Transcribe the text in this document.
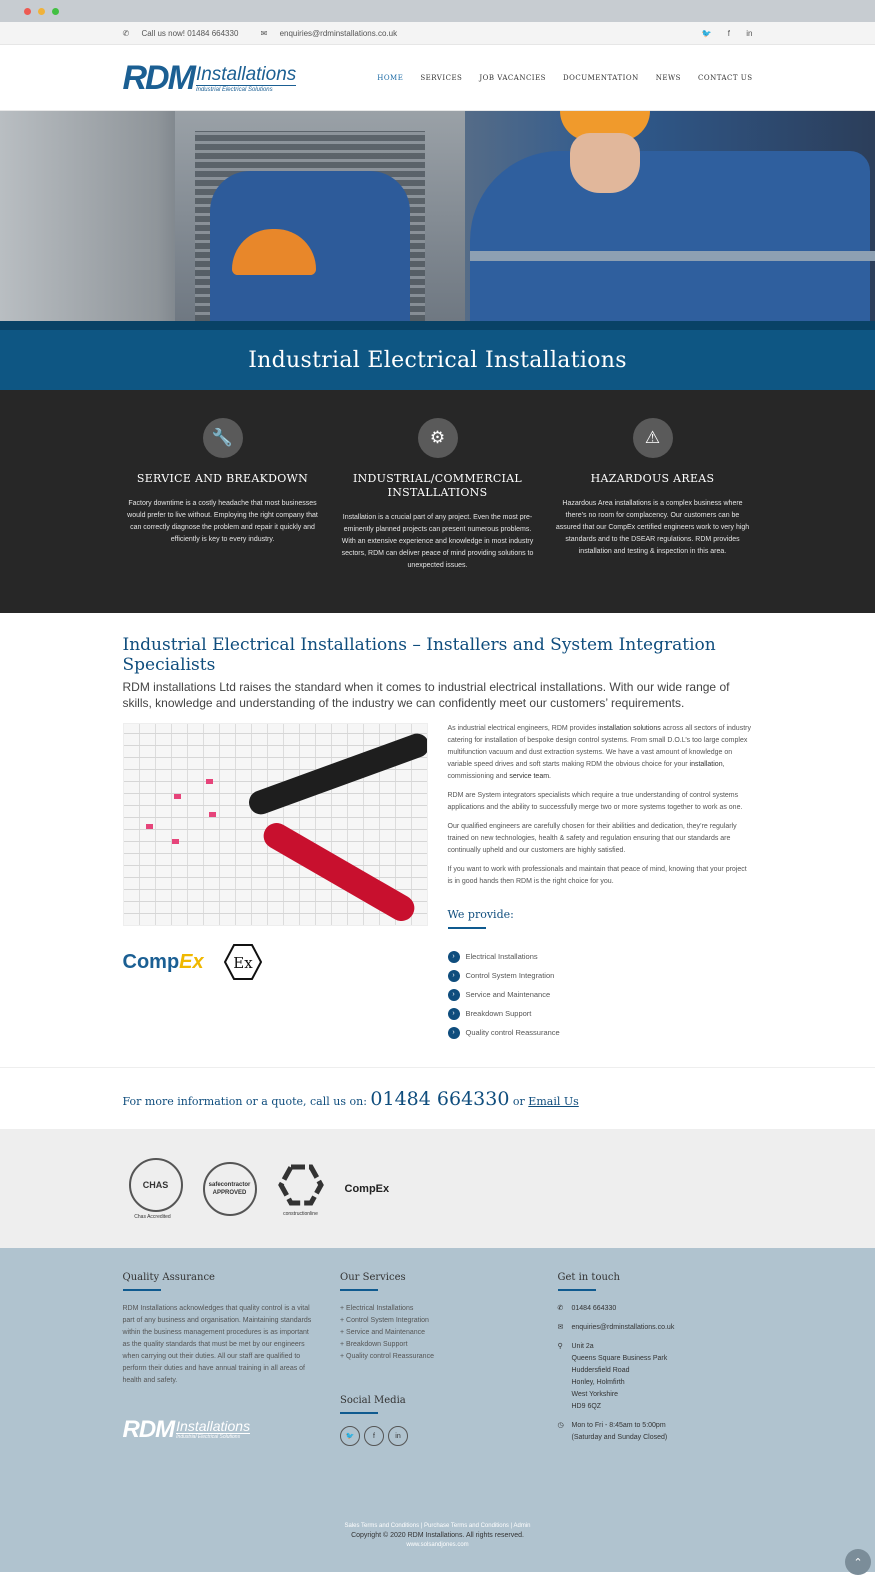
✆ Call us now! 01484 664330	✉ enquiries@rdminstallations.co.uk	🐦 f in
RDM Installations
Industrial Electrical Solutions
HOME SERVICES JOB VACANCIES DOCUMENTATION NEWS CONTACT US
Industrial Electrical Installations
🔧
SERVICE AND BREAKDOWN

Factory downtime is a costly headache that most businesses would prefer to live without. Employing the right company that can correctly diagnose the problem and repair it quickly and efficiently is key to every industry.

⚙
INDUSTRIAL/COMMERCIAL INSTALLATIONS

Installation is a crucial part of any project. Even the most pre-eminently planned projects can present numerous problems. With an extensive experience and knowledge in most industry sectors, RDM can deliver peace of mind providing solutions to unexpected issues.

⚠
HAZARDOUS AREAS

Hazardous Area installations is a complex business where there’s no room for complacency. Our customers can be assured that our CompEx certified engineers work to very high standards and to the DSEAR regulations. RDM provides installation and testing & inspection in this area.

Industrial Electrical Installations – Installers and System Integration Specialists

RDM installations Ltd raises the standard when it comes to industrial electrical installations. With our wide range of skills, knowledge and understanding of the industry we can confidently meet our customers’ requirements.

CompEx Ex

As industrial electrical engineers, RDM provides installation solutions across all sectors of industry catering for installation of bespoke design control systems. From small D.O.L’s too large complex multifunction vacuum and dust extraction systems. We have a vast amount of knowledge on variable speed drives and soft starts making RDM the obvious choice for your installation, commissioning and service team.

RDM are System integrators specialists which require a true understanding of control systems applications and the ability to successfully merge two or more systems together to work as one.

Our qualified engineers are carefully chosen for their abilities and dedication, they’re regularly trained on new technologies, health & safety and regulation ensuring that our standards are continually upheld and our customers are highly satisfied.

If you want to work with professionals and maintain that peace of mind, knowing that your project is in good hands then RDM is the right choice for you.

We provide:
›	Electrical Installations
›	Control System Integration
›	Service and Maintenance
›	Breakdown Support
›	Quality control Reassurance
For more information or a quote, call us on: 01484 664330 or Email Us
CHAS
Chas Accredited
safecontractor APPROVED
constructionline
CompEx
Quality Assurance

RDM Installations acknowledges that quality control is a vital part of any business and organisation. Maintaining standards within the business management procedures is as important as the quality standards that must be met by our engineers when carrying out their duties. All our staff are qualified to perform their duties and have annual training in all areas of health and safety.

RDM Installations
Industrial Electrical Solutions
Our Services
+ Electrical Installations
+ Control System Integration
+ Service and Maintenance
+ Breakdown Support
+ Quality control Reassurance
Social Media
🐦	f	in
Get in touch
✆	01484 664330
✉	enquiries@rdminstallations.co.uk
⚲	Unit 2a
Queens Square Business Park
Huddersfield Road
Honley, Holmfirth
West Yorkshire
HD9 6QZ
◷	Mon to Fri - 8:45am to 5:00pm
(Saturday and Sunday Closed)
Sales Terms and Conditions | Purchase Terms and Conditions | Admin
Copyright © 2020 RDM Installations. All rights reserved.
www.solsandjones.com
⌃
